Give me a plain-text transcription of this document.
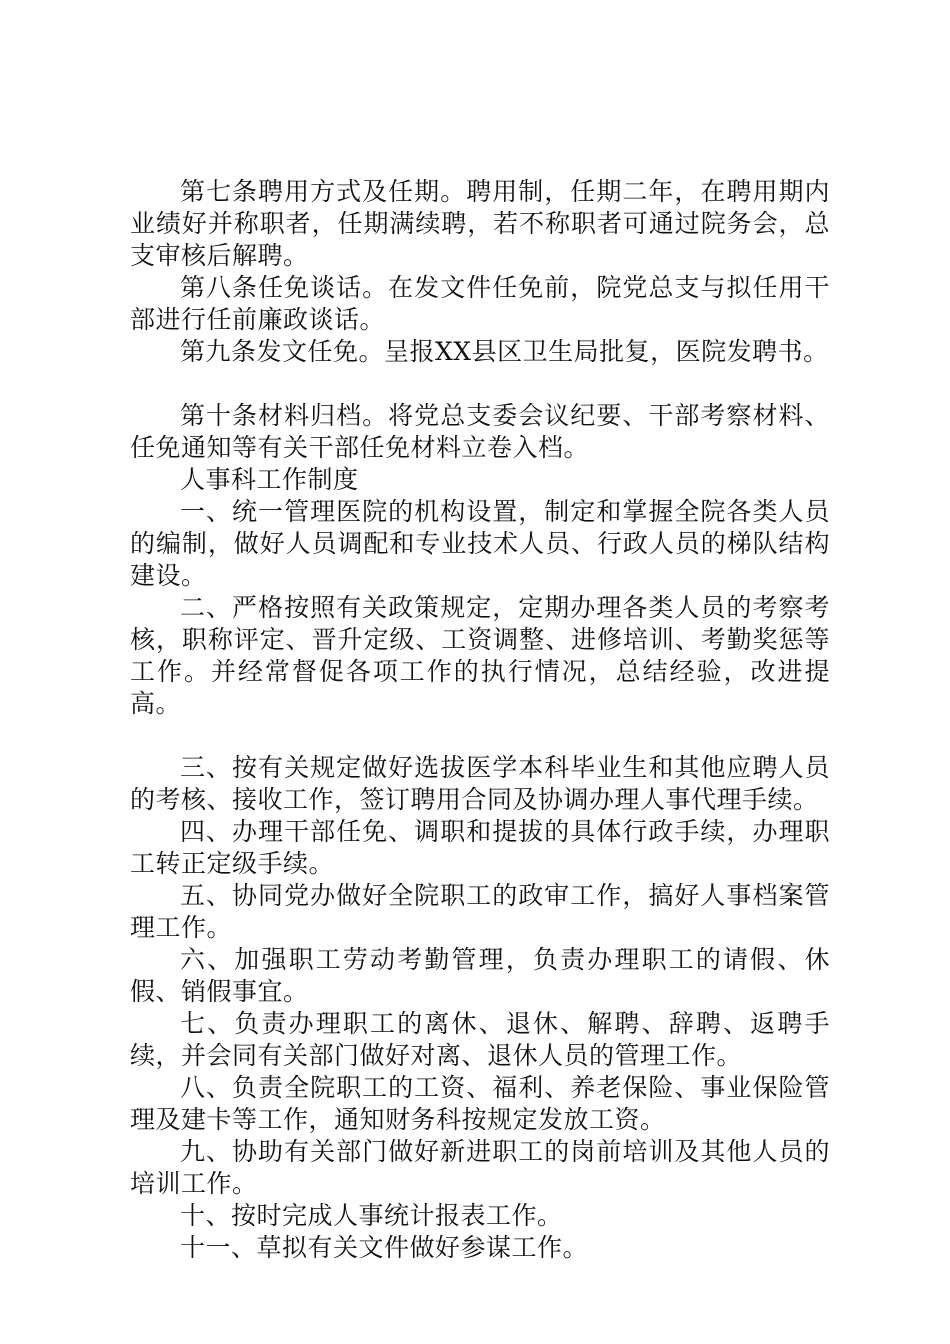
第七条聘用方式及任期。聘用制，任期二年，在聘用期内业绩好并称职者，任期满续聘，若不称职者可通过院务会，总支审核后解聘。

第八条任免谈话。在发文件任免前，院党总支与拟任用干部进行任前廉政谈话。

第九条发文任免。呈报XX县区卫生局批复，医院发聘书。

第十条材料归档。将党总支委会议纪要、干部考察材料、任免通知等有关干部任免材料立卷入档。

人事科工作制度

一、统一管理医院的机构设置，制定和掌握全院各类人员的编制，做好人员调配和专业技术人员、行政人员的梯队结构建设。

二、严格按照有关政策规定，定期办理各类人员的考察考核，职称评定、晋升定级、工资调整、进修培训、考勤奖惩等工作。并经常督促各项工作的执行情况，总结经验，改进提高。

三、按有关规定做好选拔医学本科毕业生和其他应聘人员的考核、接收工作，签订聘用合同及协调办理人事代理手续。

四、办理干部任免、调职和提拔的具体行政手续，办理职工转正定级手续。

五、协同党办做好全院职工的政审工作，搞好人事档案管理工作。

六、加强职工劳动考勤管理，负责办理职工的请假、休假、销假事宜。

七、负责办理职工的离休、退休、解聘、辞聘、返聘手续，并会同有关部门做好对离、退休人员的管理工作。

八、负责全院职工的工资、福利、养老保险、事业保险管理及建卡等工作，通知财务科按规定发放工资。

九、协助有关部门做好新进职工的岗前培训及其他人员的培训工作。

十、按时完成人事统计报表工作。

十一、草拟有关文件做好参谋工作。
